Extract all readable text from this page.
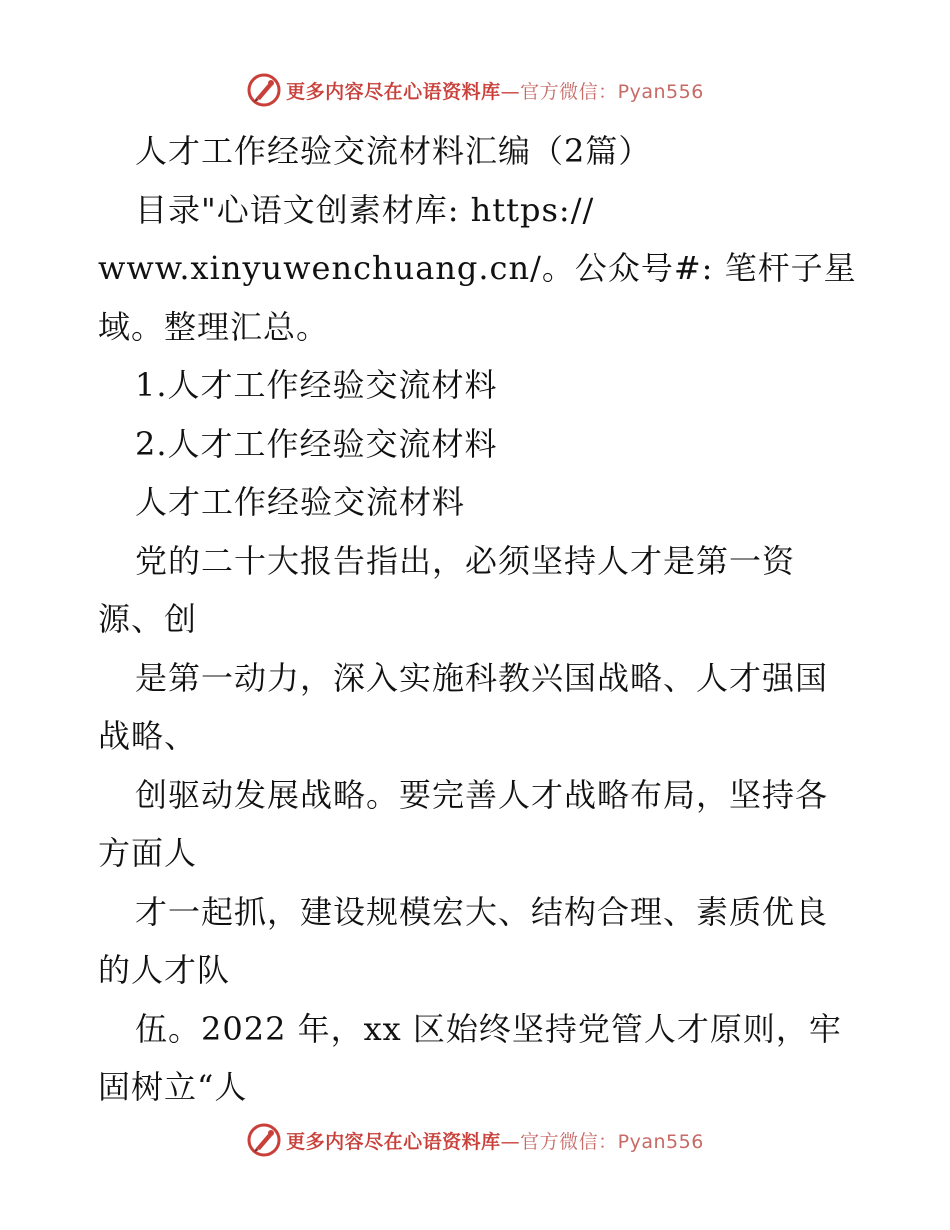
更多内容尽在心语资料库—官方微信：Pyan556
人才工作经验交流材料汇编（2篇）
目录"心语文创素材库: https://
www.xinyuwenchuang.cn/。公众号#: 笔杆子星
域。整理汇总。
1.人才工作经验交流材料
2.人才工作经验交流材料
人才工作经验交流材料
党的二十大报告指出，必须坚持人才是第一资
源、创
是第一动力，深入实施科教兴国战略、人才强国
战略、
创驱动发展战略。要完善人才战略布局，坚持各
方面人
才一起抓，建设规模宏大、结构合理、素质优良
的人才队
伍。2022 年，xx 区始终坚持党管人才原则，牢
固树立“人
更多内容尽在心语资料库—官方微信：Pyan556
